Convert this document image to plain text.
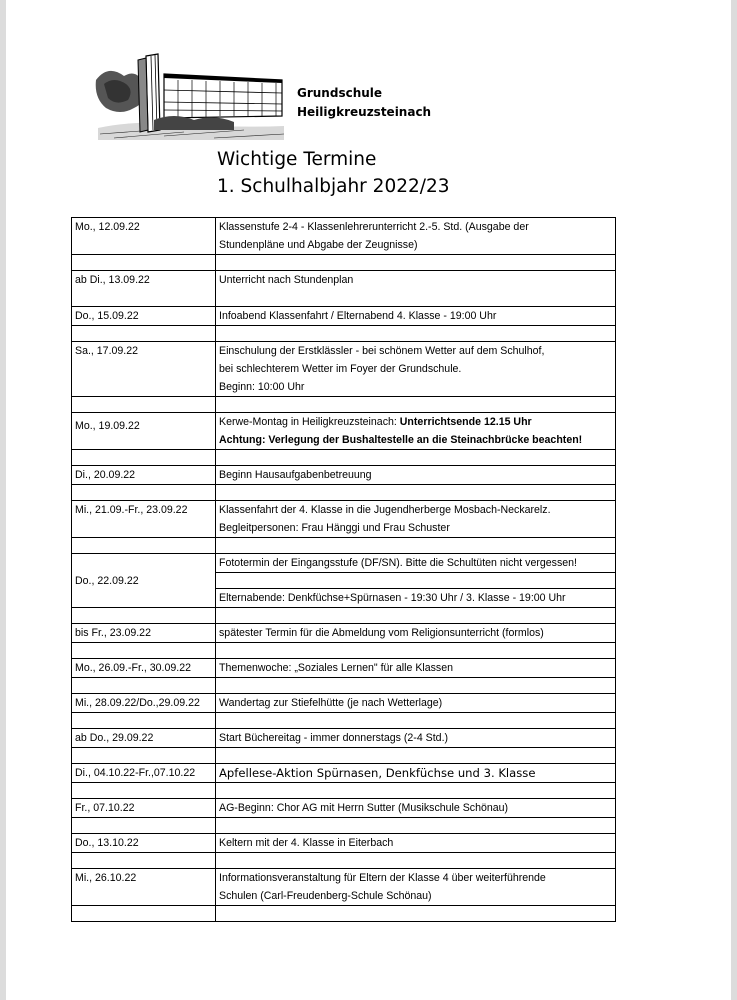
Grundschule
Heiligkreuzsteinach
Wichtige Termine
1. Schulhalbjahr 2022/23
Mo., 12.09.22	Klassenstufe 2-4 - Klassenlehrerunterricht 2.-5. Std. (Ausgabe der
Stundenpläne und Abgabe der Zeugnisse)

ab Di., 13.09.22	Unterricht nach Stundenplan

Do., 15.09.22	Infoabend Klassenfahrt / Elternabend 4. Klasse - 19:00 Uhr

Sa., 17.09.22	Einschulung der Erstklässler - bei schönem Wetter auf dem Schulhof,
bei schlechterem Wetter im Foyer der Grundschule.
Beginn: 10:00 Uhr

Mo., 19.09.22	Kerwe-Montag in Heiligkreuzsteinach: Unterrichtsende 12.15 Uhr
Achtung: Verlegung der Bushaltestelle an die Steinachbrücke beachten!

Di., 20.09.22	Beginn Hausaufgabenbetreuung

Mi., 21.09.-Fr., 23.09.22	Klassenfahrt der 4. Klasse in die Jugendherberge Mosbach-Neckarelz.
Begleitpersonen: Frau Hänggi und Frau Schuster

Do., 22.09.22	Fototermin der Eingangsstufe (DF/SN). Bitte die Schultüten nicht vergessen!

	Elternabende: Denkfüchse+Spürnasen - 19:30 Uhr / 3. Klasse - 19:00 Uhr

bis Fr., 23.09.22	spätester Termin für die Abmeldung vom Religionsunterricht (formlos)

Mo., 26.09.-Fr., 30.09.22	Themenwoche: „Soziales Lernen" für alle Klassen

Mi., 28.09.22/Do.,29.09.22	Wandertag zur Stiefelhütte (je nach Wetterlage)

ab Do., 29.09.22	Start Büchereitag - immer donnerstags (2-4 Std.)

Di., 04.10.22-Fr.,07.10.22	Apfellese-Aktion Spürnasen, Denkfüchse und 3. Klasse

Fr., 07.10.22	AG-Beginn: Chor AG mit Herrn Sutter (Musikschule Schönau)

Do., 13.10.22	Keltern mit der 4. Klasse in Eiterbach

Mi., 26.10.22	Informationsveranstaltung für Eltern der Klasse 4 über weiterführende
Schulen (Carl-Freudenberg-Schule Schönau)
